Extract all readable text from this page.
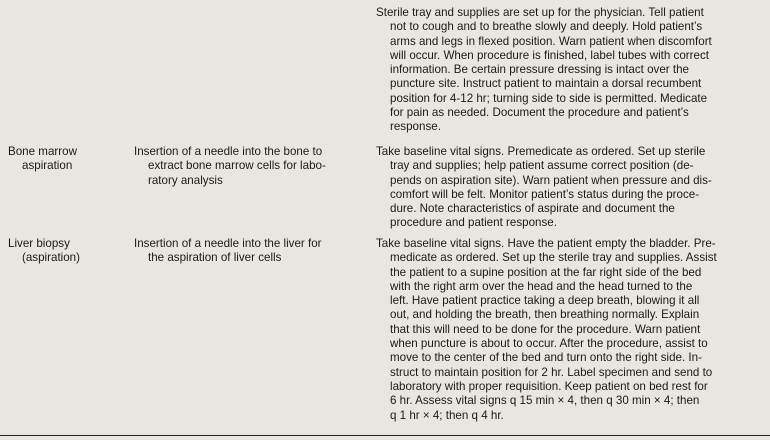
Sterile tray and supplies are set up for the physician. Tell patient
not to cough and to breathe slowly and deeply. Hold patient’s
arms and legs in flexed position. Warn patient when discomfort
will occur. When procedure is finished, label tubes with correct
information. Be certain pressure dressing is intact over the
puncture site. Instruct patient to maintain a dorsal recumbent
position for 4-12 hr; turning side to side is permitted. Medicate
for pain as needed. Document the procedure and patient’s
response.

Bone marrow
aspiration

Insertion of a needle into the bone to
extract bone marrow cells for labo-
ratory analysis

Take baseline vital signs. Premedicate as ordered. Set up sterile
tray and supplies; help patient assume correct position (de-
pends on aspiration site). Warn patient when pressure and dis-
comfort will be felt. Monitor patient’s status during the proce-
dure. Note characteristics of aspirate and document the
procedure and patient response.

Liver biopsy
(aspiration)

Insertion of a needle into the liver for
the aspiration of liver cells

Take baseline vital signs. Have the patient empty the bladder. Pre-
medicate as ordered. Set up the sterile tray and supplies. Assist
the patient to a supine position at the far right side of the bed
with the right arm over the head and the head turned to the
left. Have patient practice taking a deep breath, blowing it all
out, and holding the breath, then breathing normally. Explain
that this will need to be done for the procedure. Warn patient
when puncture is about to occur. After the procedure, assist to
move to the center of the bed and turn onto the right side. In-
struct to maintain position for 2 hr. Label specimen and send to
laboratory with proper requisition. Keep patient on bed rest for
6 hr. Assess vital signs q 15 min × 4, then q 30 min × 4; then
q 1 hr × 4; then q 4 hr.
